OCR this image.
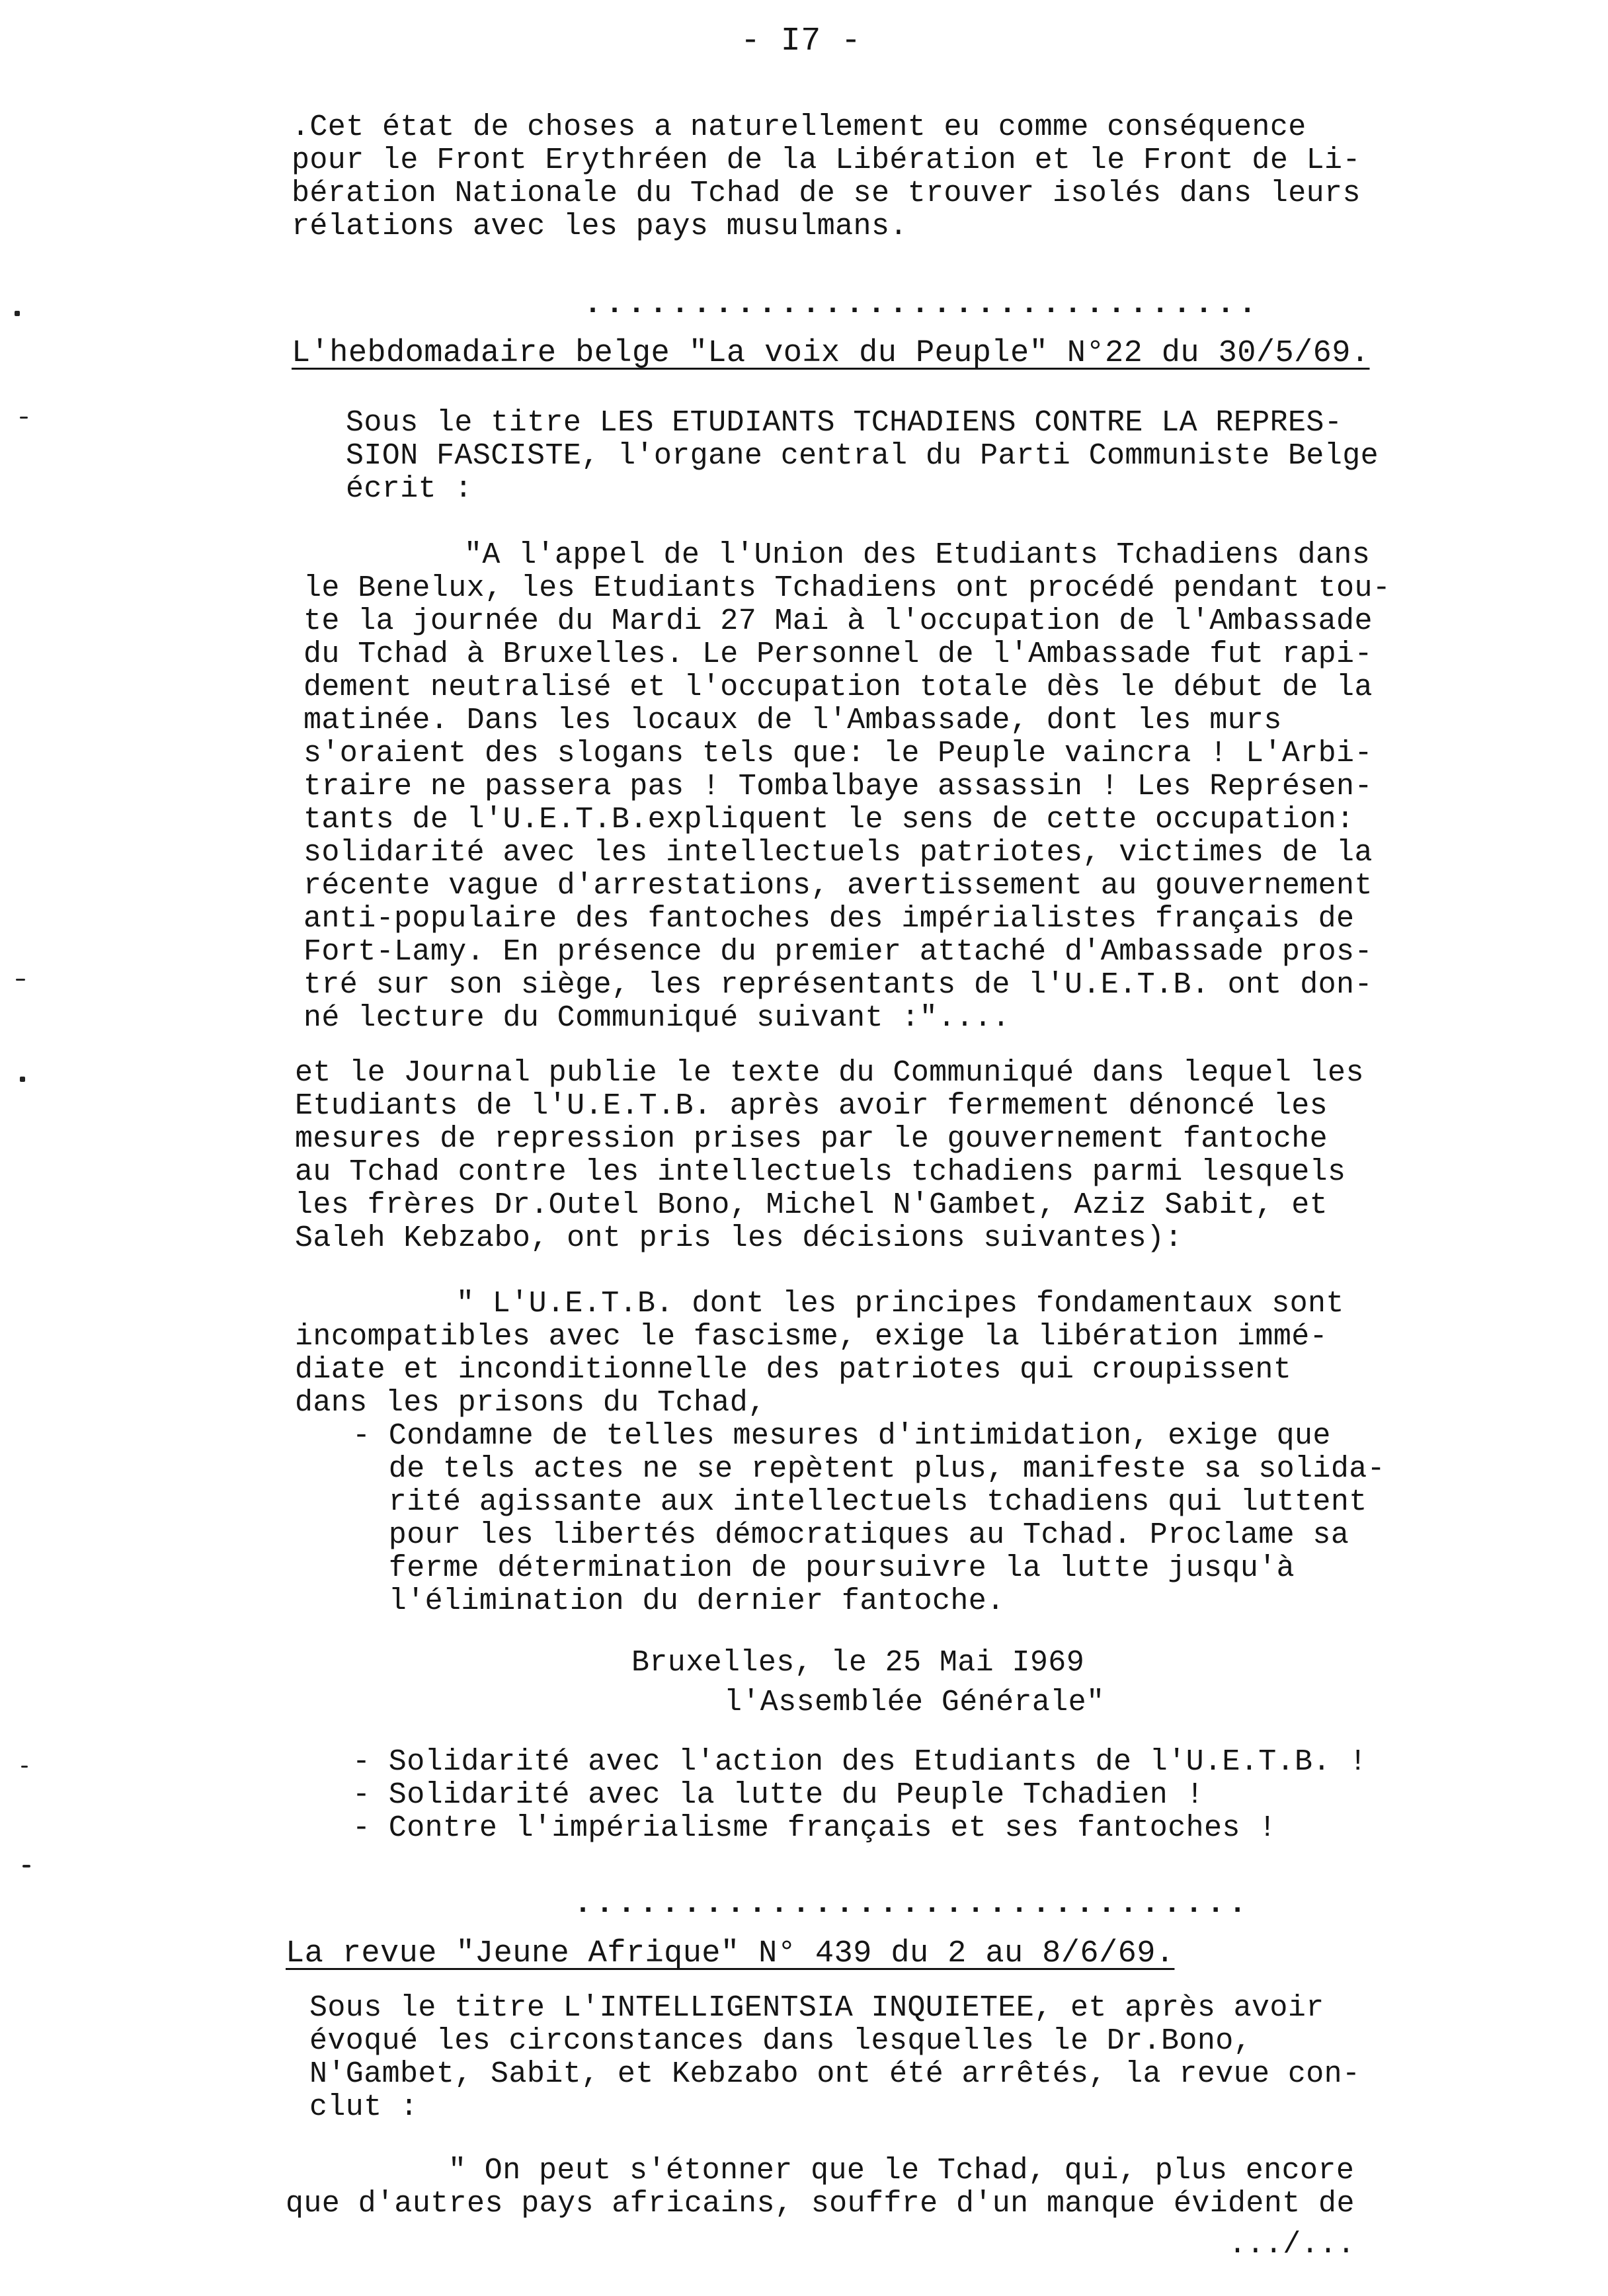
- I7 -
.Cet état de choses a naturellement eu comme conséquence
pour le Front Erythréen de la Libération et le Front de Li-
bération Nationale du Tchad de se trouver isolés dans leurs
rélations avec les pays musulmans.
...............................
L'hebdomadaire belge "La voix du Peuple" N°22 du 30/5/69.
Sous le titre LES ETUDIANTS TCHADIENS CONTRE LA REPRES-
SION FASCISTE, l'organe central du Parti Communiste Belge
écrit :
"A l'appel de l'Union des Etudiants Tchadiens dans
le Benelux, les Etudiants Tchadiens ont procédé pendant tou-
te la journée du Mardi 27 Mai à l'occupation de l'Ambassade
du Tchad à Bruxelles. Le Personnel de l'Ambassade fut rapi-
dement neutralisé et l'occupation totale dès le début de la
matinée. Dans les locaux de l'Ambassade, dont les murs
s'oraient des slogans tels que: le Peuple vaincra ! L'Arbi-
traire ne passera pas ! Tombalbaye assassin ! Les Représen-
tants de l'U.E.T.B.expliquent le sens de cette occupation:
solidarité avec les intellectuels patriotes, victimes de la
récente vague d'arrestations, avertissement au gouvernement
anti-populaire des fantoches des impérialistes français de
Fort-Lamy. En présence du premier attaché d'Ambassade pros-
tré sur son siège, les représentants de l'U.E.T.B. ont don-
né lecture du Communiqué suivant :"....
et le Journal publie le texte du Communiqué dans lequel les
Etudiants de l'U.E.T.B. après avoir fermement dénoncé les
mesures de repression prises par le gouvernement fantoche
au Tchad contre les intellectuels tchadiens parmi lesquels
les frères Dr.Outel Bono, Michel N'Gambet, Aziz Sabit, et
Saleh Kebzabo, ont pris les décisions suivantes):
" L'U.E.T.B. dont les principes fondamentaux sont
incompatibles avec le fascisme, exige la libération immé-
diate et inconditionnelle des patriotes qui croupissent
dans les prisons du Tchad,
- Condamne de telles mesures d'intimidation, exige que
de tels actes ne se repètent plus, manifeste sa solida-
rité agissante aux intellectuels tchadiens qui luttent
pour les libertés démocratiques au Tchad. Proclame sa
ferme détermination de poursuivre la lutte jusqu'à
l'élimination du dernier fantoche.
Bruxelles, le 25 Mai I969
l'Assemblée Générale"
- Solidarité avec l'action des Etudiants de l'U.E.T.B. !
- Solidarité avec la lutte du Peuple Tchadien !
- Contre l'impérialisme français et ses fantoches !
...............................
La revue "Jeune Afrique" N° 439 du 2 au 8/6/69.
Sous le titre L'INTELLIGENTSIA INQUIETEE, et après avoir
évoqué les circonstances dans lesquelles le Dr.Bono,
N'Gambet, Sabit, et Kebzabo ont été arrêtés, la revue con-
clut :
" On peut s'étonner que le Tchad, qui, plus encore
que d'autres pays africains, souffre d'un manque évident de
.../...
